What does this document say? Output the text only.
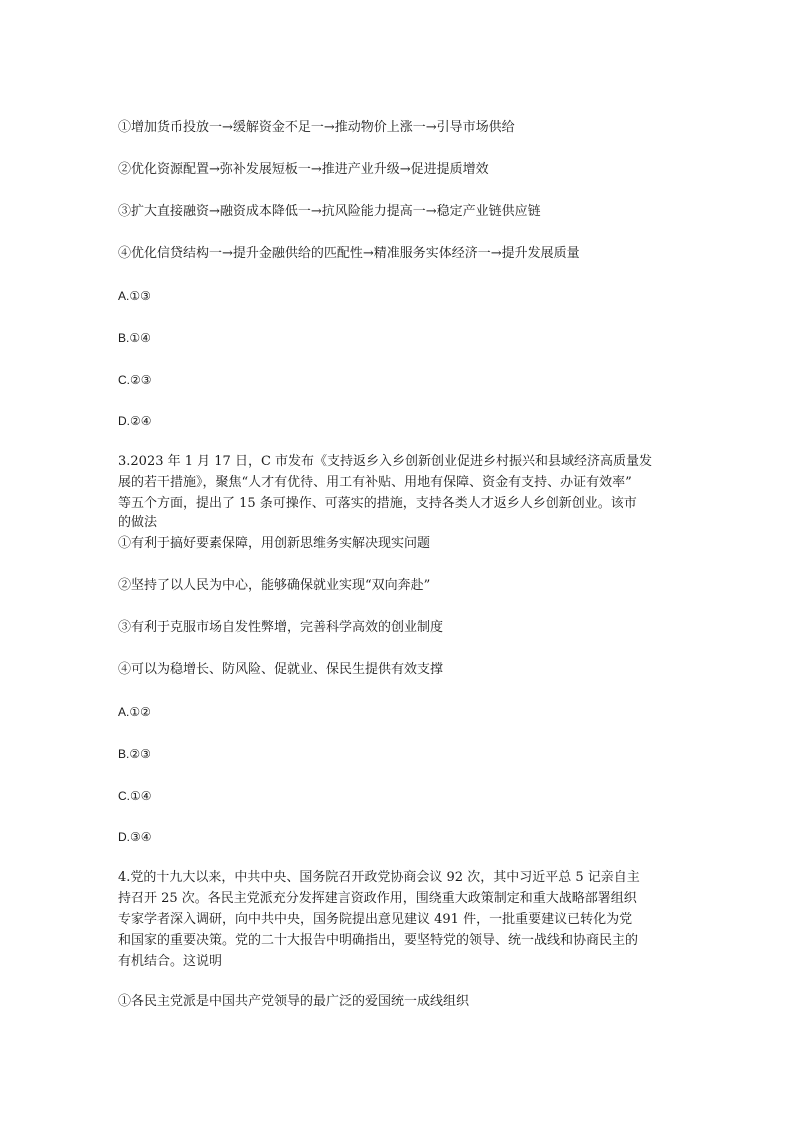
①增加货币投放一→缓解资金不足一→推动物价上涨一→引导市场供给
②优化资源配置→弥补发展短板一→推进产业升级→促进提质增效
③扩大直接融资→融资成本降低一→抗风险能力提高一→稳定产业链供应链
④优化信贷结构一→提升金融供给的匹配性→精准服务实体经济一→提升发展质量
A.①③
B.①④
C.②③
D.②④
3.2023 年 1 月 17 日，C 市发布《支持返乡入乡创新创业促进乡村振兴和县域经济高质量发
展的若干措施》，聚焦“人才有优待、用工有补贴、用地有保障、资金有支持、办证有效率”
等五个方面，提出了 15 条可操作、可落实的措施，支持各类人才返乡人乡创新创业。该市
的做法
①有利于搞好要素保障，用创新思维务实解决现实问题
②坚持了以人民为中心，能够确保就业实现“双向奔赴”
③有利于克服市场自发性弊增，完善科学高效的创业制度
④可以为稳增长、防风险、促就业、保民生提供有效支撑
A.①②
B.②③
C.①④
D.③④
4.党的十九大以来，中共中央、国务院召开政党协商会议 92 次，其中习近平总 5 记亲自主
持召开 25 次。各民主党派充分发挥建言资政作用，围绕重大政策制定和重大战略部署组织
专家学者深入调研，向中共中央，国务院提出意见建议 491 件，一批重要建议已转化为党
和国家的重要决策。党的二十大报告中明确指出，要坚特党的领导、统一战线和协商民主的
有机结合。这说明
①各民主党派是中国共产党领导的最广泛的爱国统一成线组织
